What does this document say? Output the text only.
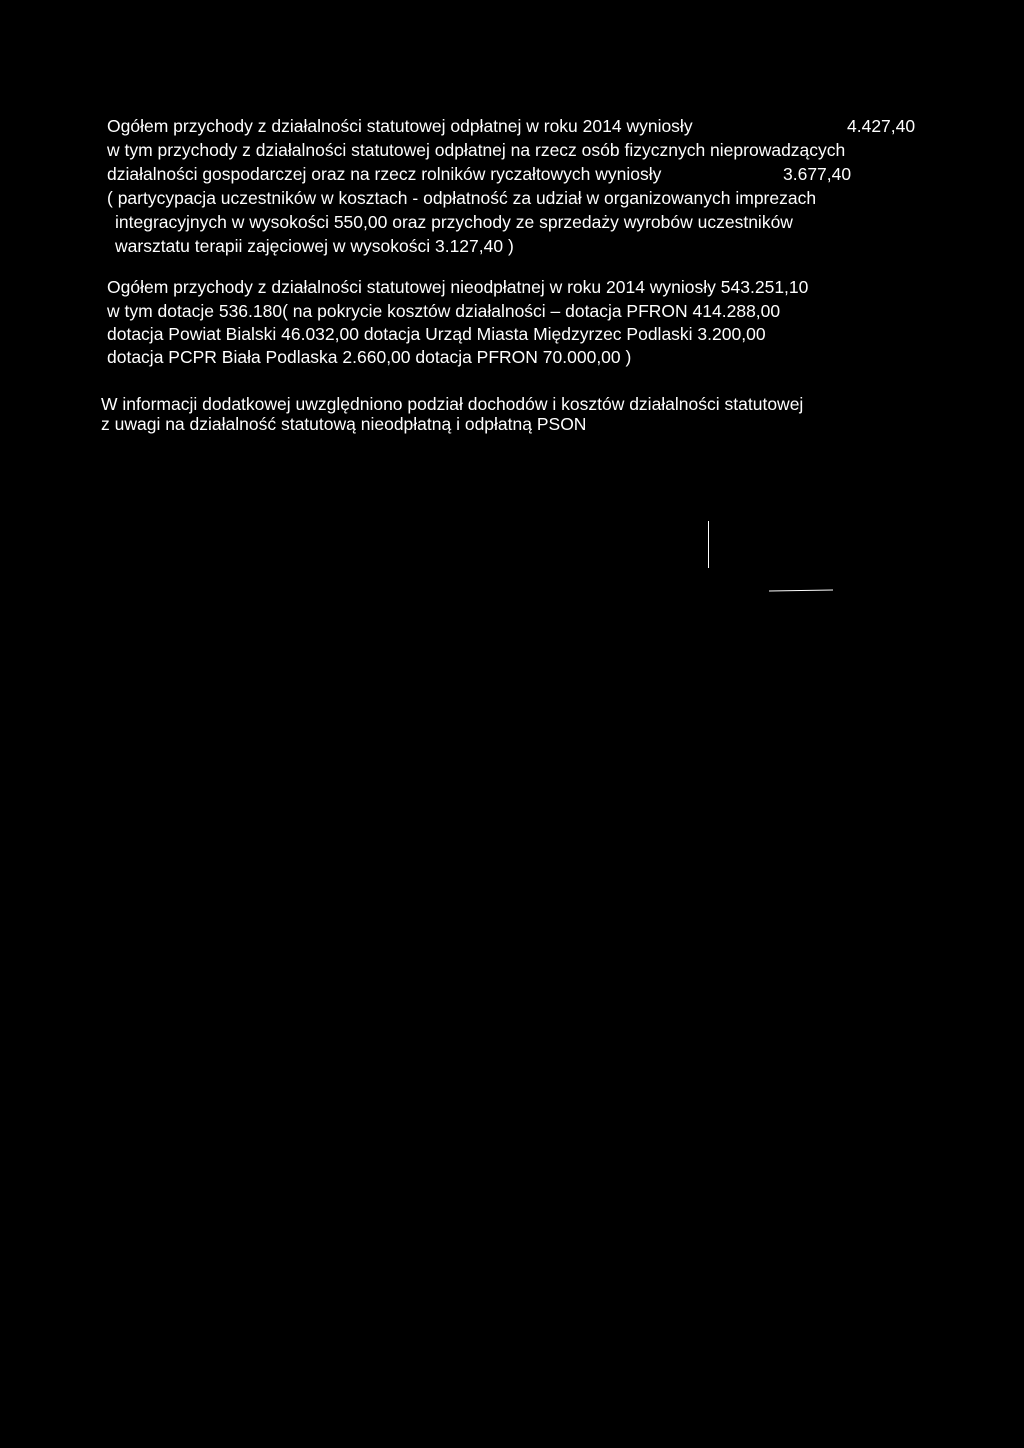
Ogółem przychody z działalności statutowej odpłatnej w roku 2014 wyniosły	4.427,40
w tym przychody z działalności statutowej odpłatnej na rzecz osób fizycznych nieprowadzących
działalności gospodarczej oraz na rzecz rolników ryczałtowych wyniosły	3.677,40
( partycypacja uczestników w kosztach - odpłatność za udział w organizowanych imprezach
integracyjnych w wysokości 550,00 oraz przychody ze sprzedaży wyrobów uczestników
warsztatu terapii zajęciowej w wysokości 3.127,40 )
Ogółem przychody z działalności statutowej nieodpłatnej w roku 2014 wyniosły 543.251,10
w tym dotacje 536.180( na pokrycie kosztów działalności – dotacja PFRON 414.288,00
dotacja Powiat Bialski 46.032,00 dotacja Urząd Miasta Międzyrzec Podlaski 3.200,00
dotacja PCPR Biała Podlaska 2.660,00 dotacja PFRON 70.000,00 )
W informacji dodatkowej uwzględniono podział dochodów i kosztów działalności statutowej
z uwagi na działalność statutową nieodpłatną i odpłatną PSON
